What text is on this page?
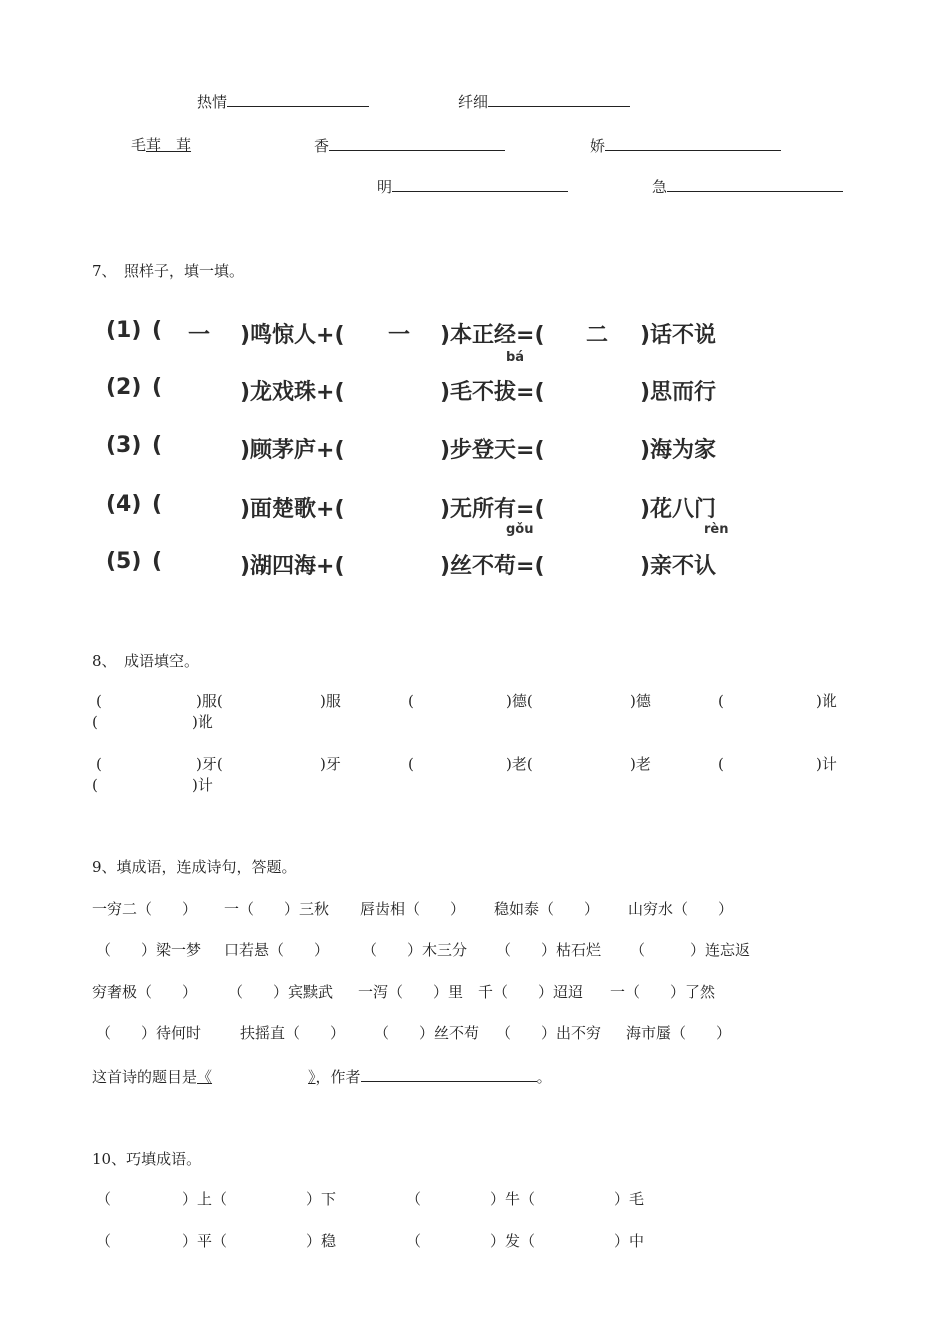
热情	纤细
毛茸　茸	香	娇
明	急
7、　照样子，填一填。
(1) ( 一 )鸣惊人+( 一 )本正经=( 二 )话不说
bá
(2) (	)龙戏珠+(	)毛不拔=(	)思而行
(3) (	)顾茅庐+(	)步登天=(	)海为家
(4) (	)面楚歌+(	)无所有=(	)花八门
gǒu	rèn
(5) (	)湖四海+(	)丝不苟=(	)亲不认
8、　成语填空。
(	)服(	)服	(	)德(	)德	(	)讹
(	)讹
(	)牙(	)牙	(	)老(	)老	(	)计
(	)计
9、填成语，连成诗句，答题。
一穷二（　　） 一（　　）三秋 唇齿相（　　） 稳如泰（　　） 山穷水（　　）
（　　）梁一梦 口若悬（　　） （　　）木三分 （　　）枯石烂 （　　　）连忘返
穷奢极（　　） （　　）宾黩武 一泻（　　）里 千（　　）迢迢 一（　　）了然
（　　）待何时	扶摇直（　　） （　　）丝不苟 （　　）出不穷 海市蜃（　　）
这首诗的题目是《	》，作者	。
10、巧填成语。
（	）上（	）下	（	）牛（	）毛
（	）平（	）稳	（	）发（	）中
